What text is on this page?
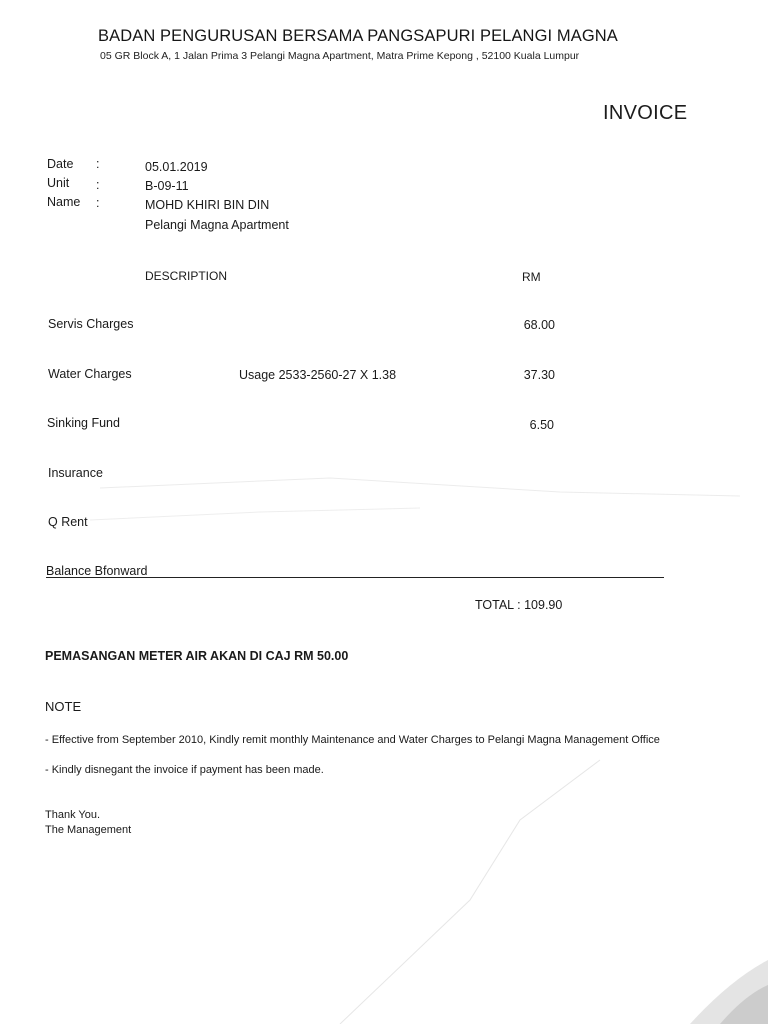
BADAN PENGURUSAN BERSAMA PANGSAPURI PELANGI MAGNA
05 GR Block A, 1 Jalan Prima 3 Pelangi Magna Apartment, Matra Prime Kepong , 52100 Kuala Lumpur
INVOICE
Date :	05.01.2019
Unit :	B-09-11
Name :	MOHD KHIRI BIN DIN
Pelangi Magna Apartment
DESCRIPTION	RM
Servis Charges	68.00
Water Charges	Usage 2533-2560-27 X 1.38	37.30
Sinking Fund	6.50
Insurance
Q Rent
Balance Bfonward
TOTAL : 109.90
PEMASANGAN METER AIR AKAN DI CAJ RM 50.00
NOTE
- Effective from September 2010, Kindly remit monthly Maintenance and Water Charges to Pelangi Magna Management Office
- Kindly disnegant the invoice if payment has been made.
Thank You.
The Management
